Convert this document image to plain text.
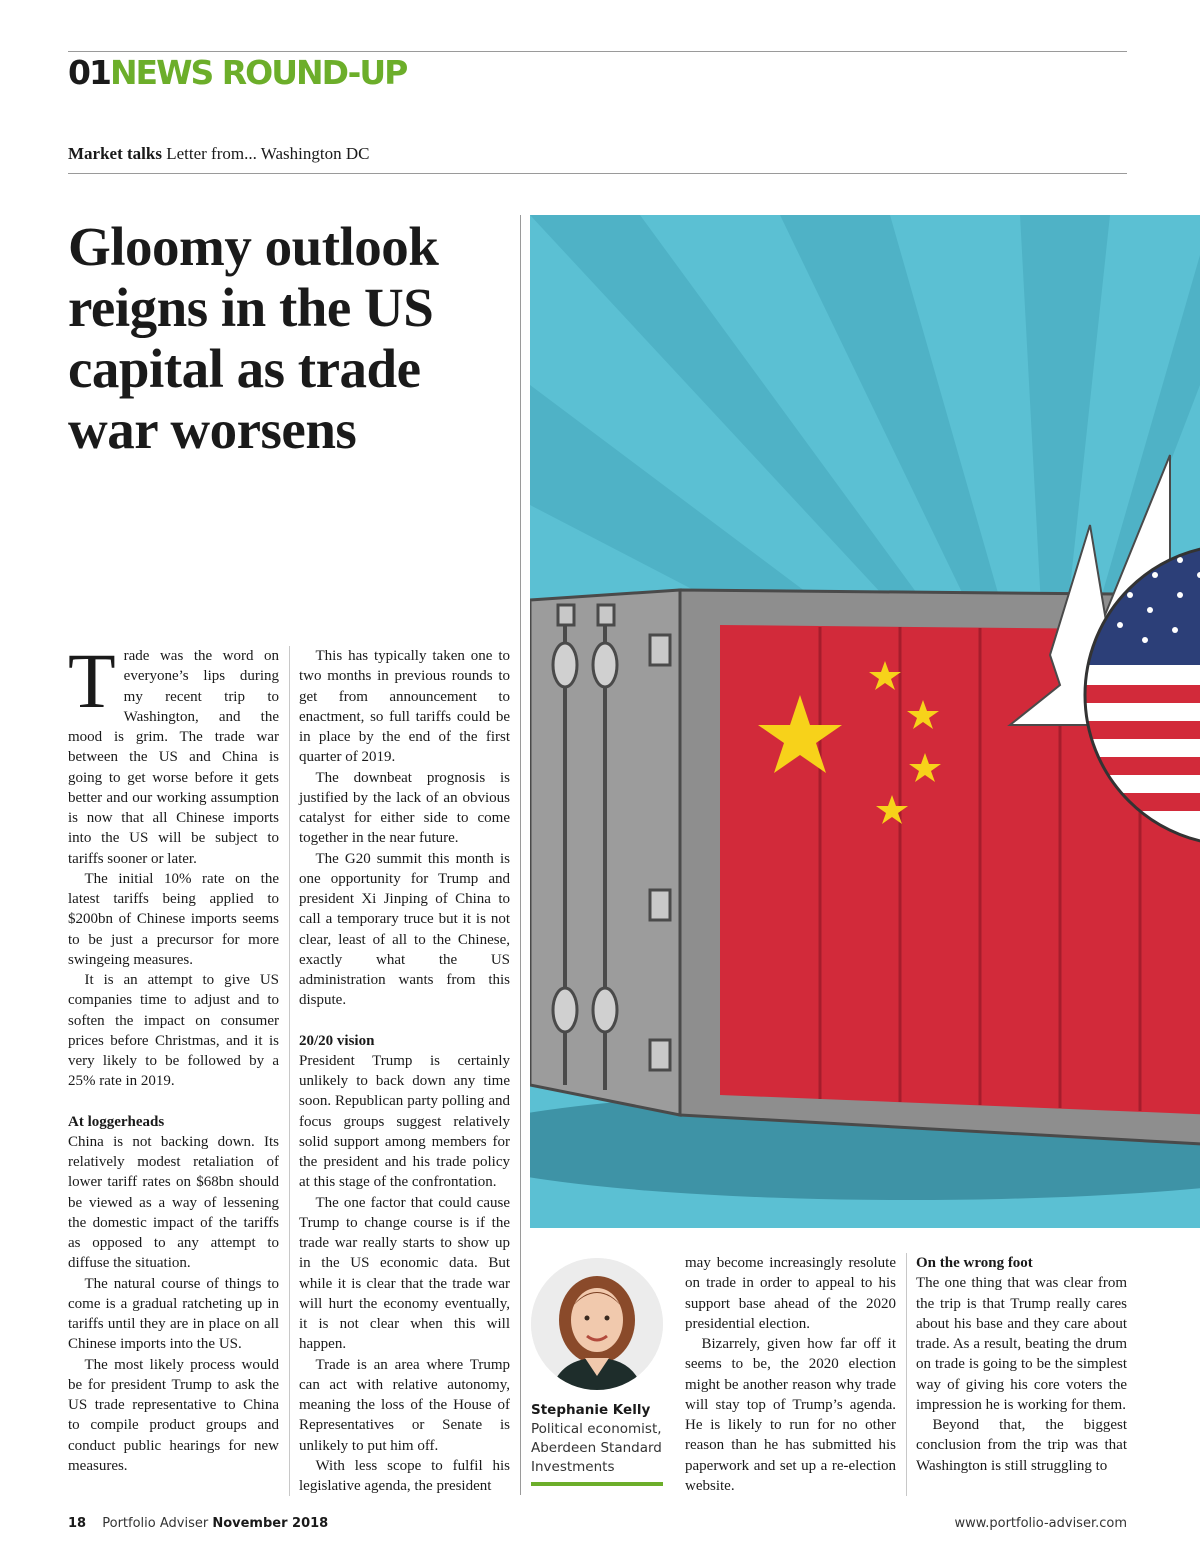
01NEWS ROUND-UP
Market talks Letter from... Washington DC
Gloomy outlook reigns in the US capital as trade war worsens

Trade was the word on everyone’s lips during my recent trip to Washington, and the mood is grim. The trade war between the US and China is going to get worse before it gets better and our working assumption is now that all Chinese imports into the US will be subject to tariffs sooner or later.

The initial 10% rate on the latest tariffs being applied to $200bn of Chinese imports seems to be just a precursor for more swingeing measures.

It is an attempt to give US companies time to adjust and to soften the impact on consumer prices before Christmas, and it is very likely to be followed by a 25% rate in 2019.

At loggerheads

China is not backing down. Its relatively modest retaliation of lower tariff rates on $68bn should be viewed as a way of lessening the domestic impact of the tariffs as opposed to any attempt to diffuse the situation.

The natural course of things to come is a gradual ratcheting up in tariffs until they are in place on all Chinese imports into the US.

The most likely process would be for president Trump to ask the US trade representative to China to compile product groups and conduct public hearings for new measures.

This has typically taken one to two months in previous rounds to get from announcement to enactment, so full tariffs could be in place by the end of the first quarter of 2019.

The downbeat prognosis is justified by the lack of an obvious catalyst for either side to come together in the near future.

The G20 summit this month is one opportunity for Trump and president Xi Jinping of China to call a temporary truce but it is not clear, least of all to the Chinese, exactly what the US administration wants from this dispute.

20/20 vision

President Trump is certainly unlikely to back down any time soon. Republican party polling and focus groups suggest relatively solid support among members for the president and his trade policy at this stage of the confrontation.

The one factor that could cause Trump to change course is if the trade war really starts to show up in the US economic data. But while it is clear that the trade war will hurt the economy eventually, it is not clear when this will happen.

Trade is an area where Trump can act with relative autonomy, meaning the loss of the House of Representatives or Senate is unlikely to put him off.

With less scope to fulfil his legislative agenda, the president

Stephanie Kelly
Political economist, Aberdeen Standard Investments

may become increasingly resolute on trade in order to appeal to his support base ahead of the 2020 presidential election.

Bizarrely, given how far off it seems to be, the 2020 election might be another reason why trade will stay top of Trump’s agenda. He is likely to run for no other reason than he has submitted his paperwork and set up a re-election website.

On the wrong foot

The one thing that was clear from the trip is that Trump really cares about his base and they care about trade. As a result, beating the drum on trade is going to be the simplest way of giving his core voters the impression he is working for them.

Beyond that, the biggest conclusion from the trip was that Washington is still struggling to

18 Portfolio Adviser November 2018	www.portfolio-adviser.com
